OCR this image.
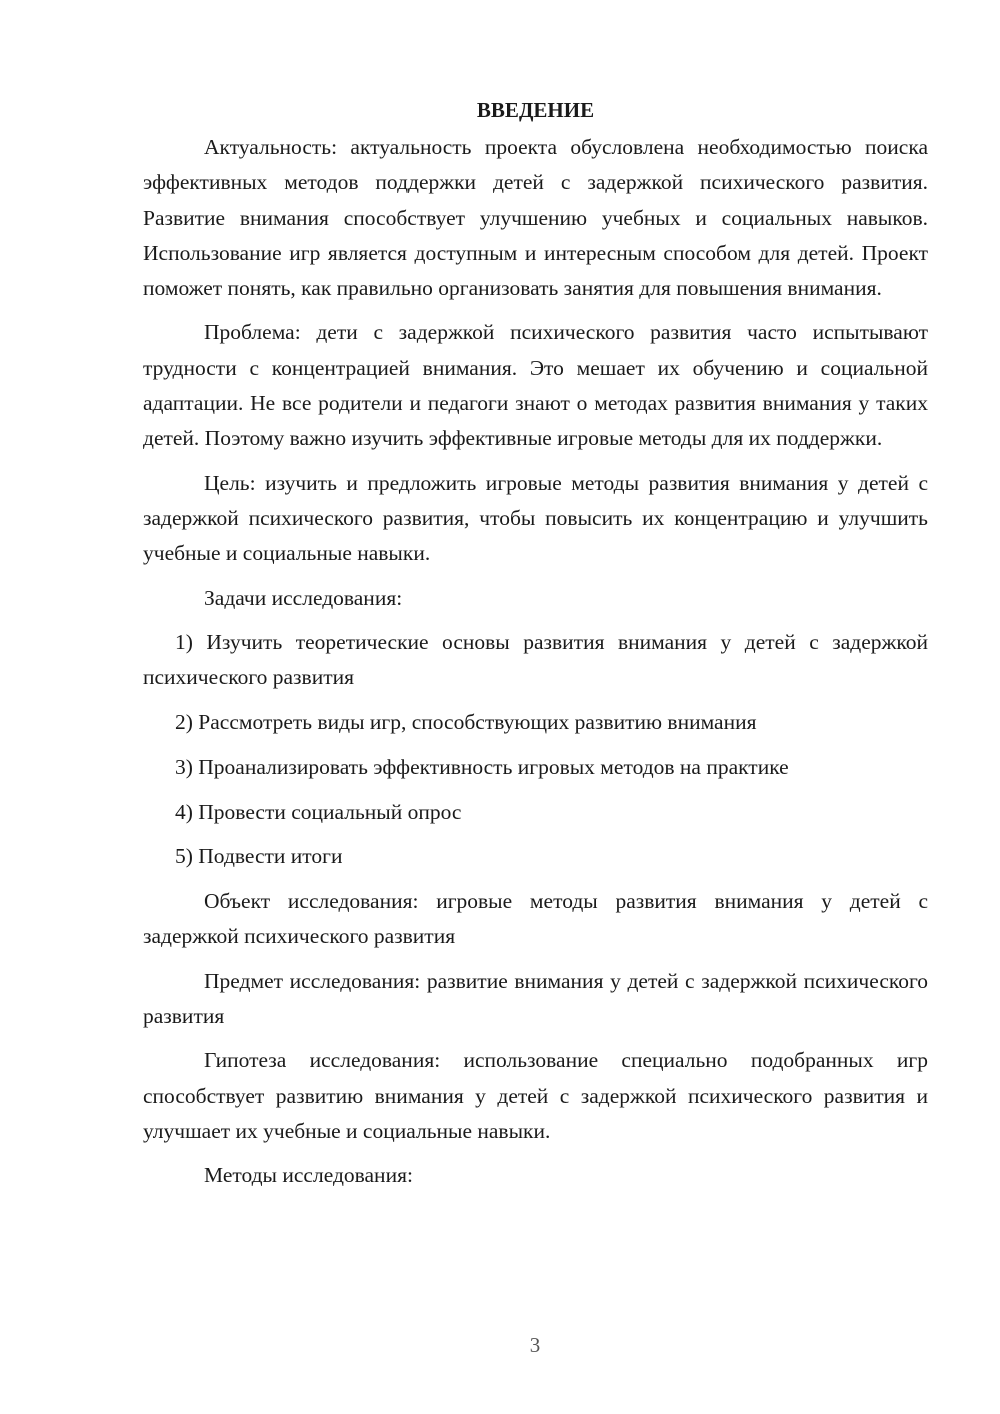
ВВЕДЕНИЕ

Актуальность: актуальность проекта обусловлена необходимостью поиска эффективных методов поддержки детей с задержкой психического развития. Развитие внимания способствует улучшению учебных и социальных навыков. Использование игр является доступным и интересным способом для детей. Проект поможет понять, как правильно организовать занятия для повышения внимания.

Проблема: дети с задержкой психического развития часто испытывают трудности с концентрацией внимания. Это мешает их обучению и социальной адаптации. Не все родители и педагоги знают о методах развития внимания у таких детей. Поэтому важно изучить эффективные игровые методы для их поддержки.

Цель: изучить и предложить игровые методы развития внимания у детей с задержкой психического развития, чтобы повысить их концентрацию и улучшить учебные и социальные навыки.

Задачи исследования:

1) Изучить теоретические основы развития внимания у детей с задержкой психического развития

2) Рассмотреть виды игр, способствующих развитию внимания

3) Проанализировать эффективность игровых методов на практике

4) Провести социальный опрос

5) Подвести итоги

Объект исследования: игровые методы развития внимания у детей с задержкой психического развития

Предмет исследования: развитие внимания у детей с задержкой психического развития

Гипотеза исследования: использование специально подобранных игр способствует развитию внимания у детей с задержкой психического развития и улучшает их учебные и социальные навыки.

Методы исследования:

3
